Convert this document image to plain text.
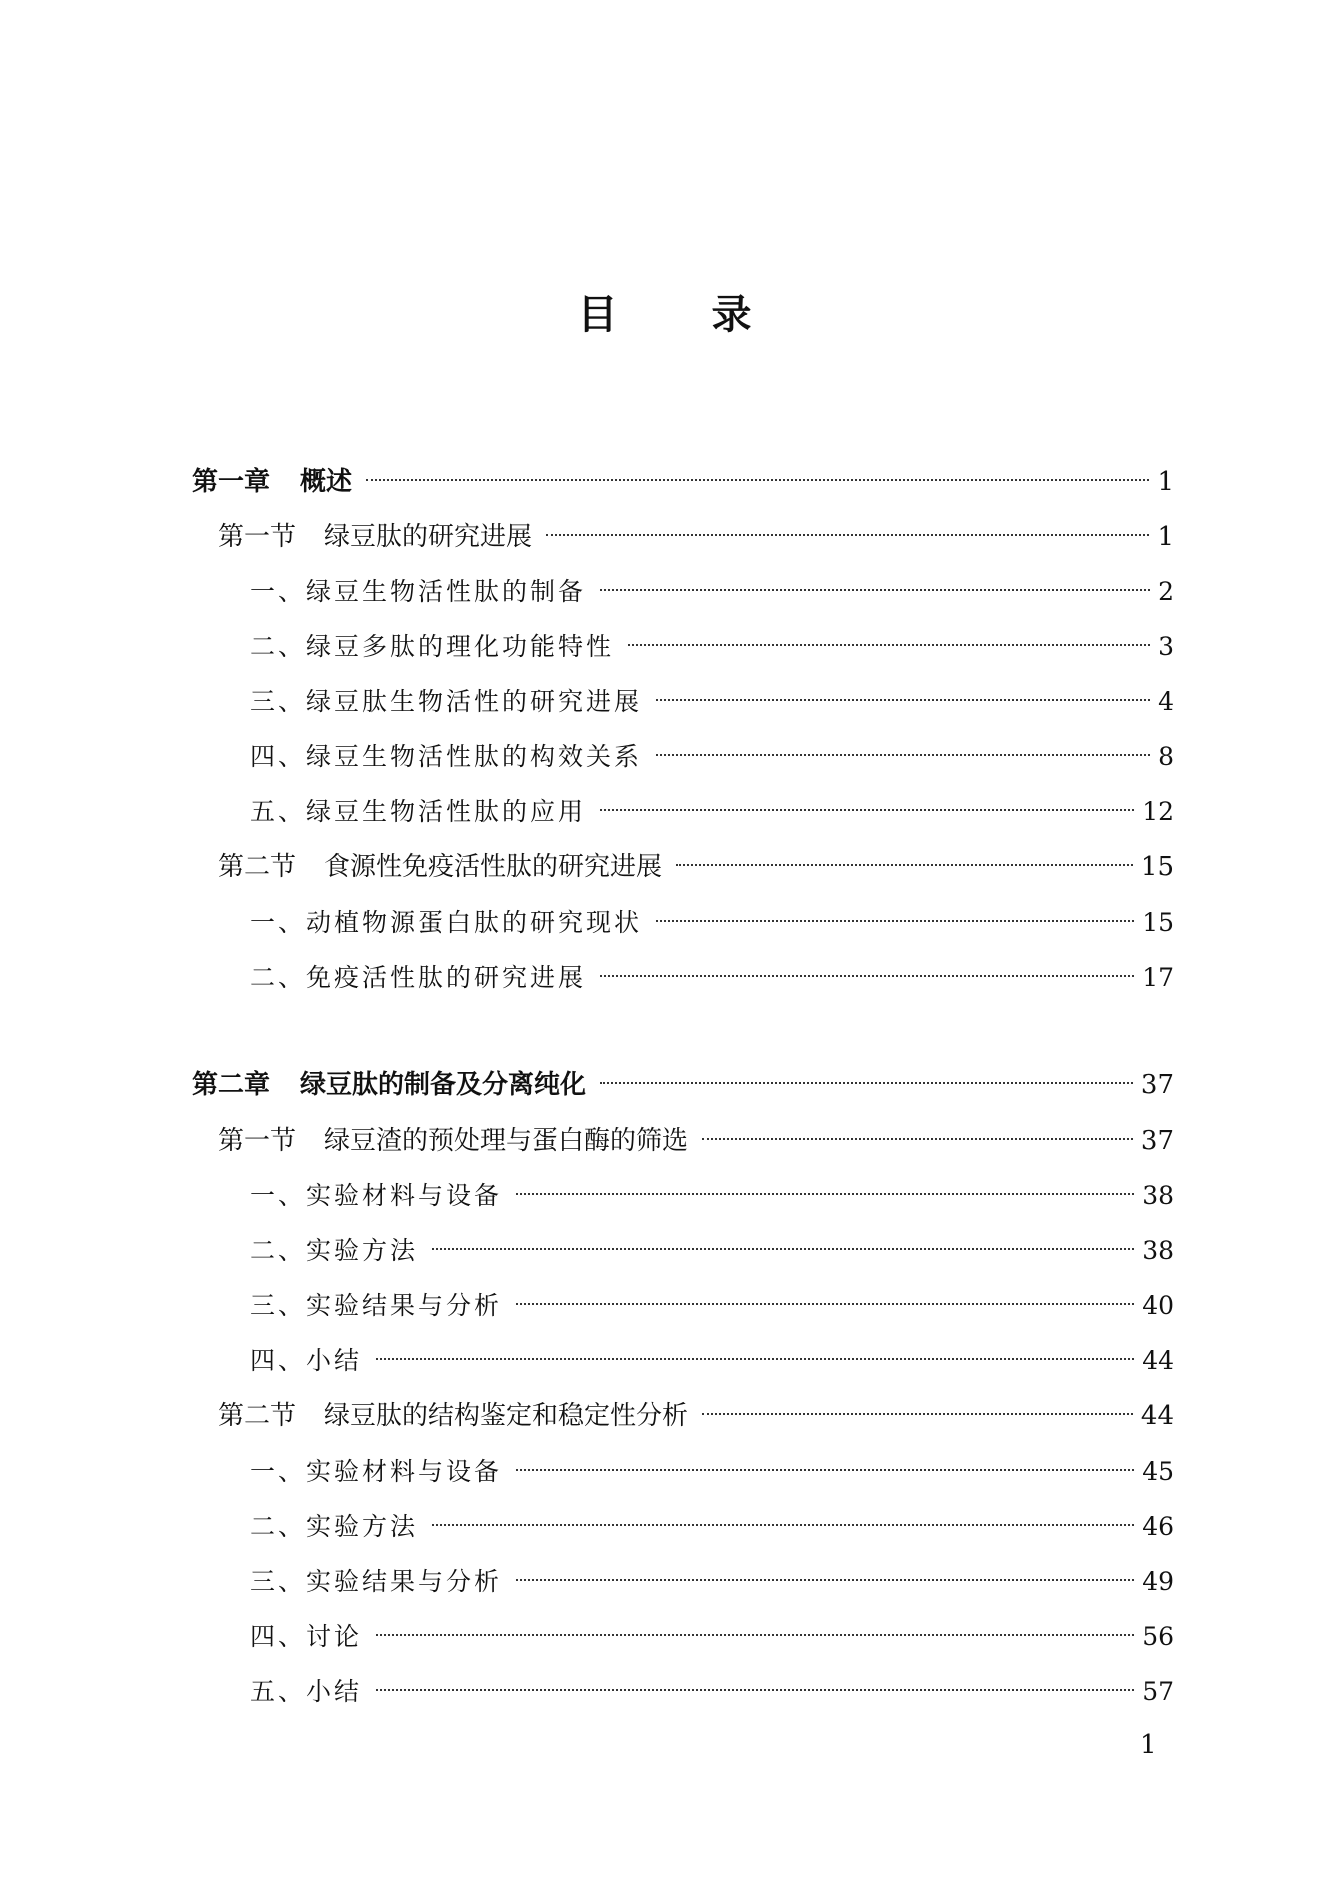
目 录
第一章 概述	1
第一节 绿豆肽的研究进展	1
一、绿豆生物活性肽的制备	2
二、绿豆多肽的理化功能特性	3
三、绿豆肽生物活性的研究进展	4
四、绿豆生物活性肽的构效关系	8
五、绿豆生物活性肽的应用	12
第二节 食源性免疫活性肽的研究进展	15
一、动植物源蛋白肽的研究现状	15
二、免疫活性肽的研究进展	17
第二章 绿豆肽的制备及分离纯化	37
第一节 绿豆渣的预处理与蛋白酶的筛选	37
一、实验材料与设备	38
二、实验方法	38
三、实验结果与分析	40
四、小结	44
第二节 绿豆肽的结构鉴定和稳定性分析	44
一、实验材料与设备	45
二、实验方法	46
三、实验结果与分析	49
四、讨论	56
五、小结	57
1
